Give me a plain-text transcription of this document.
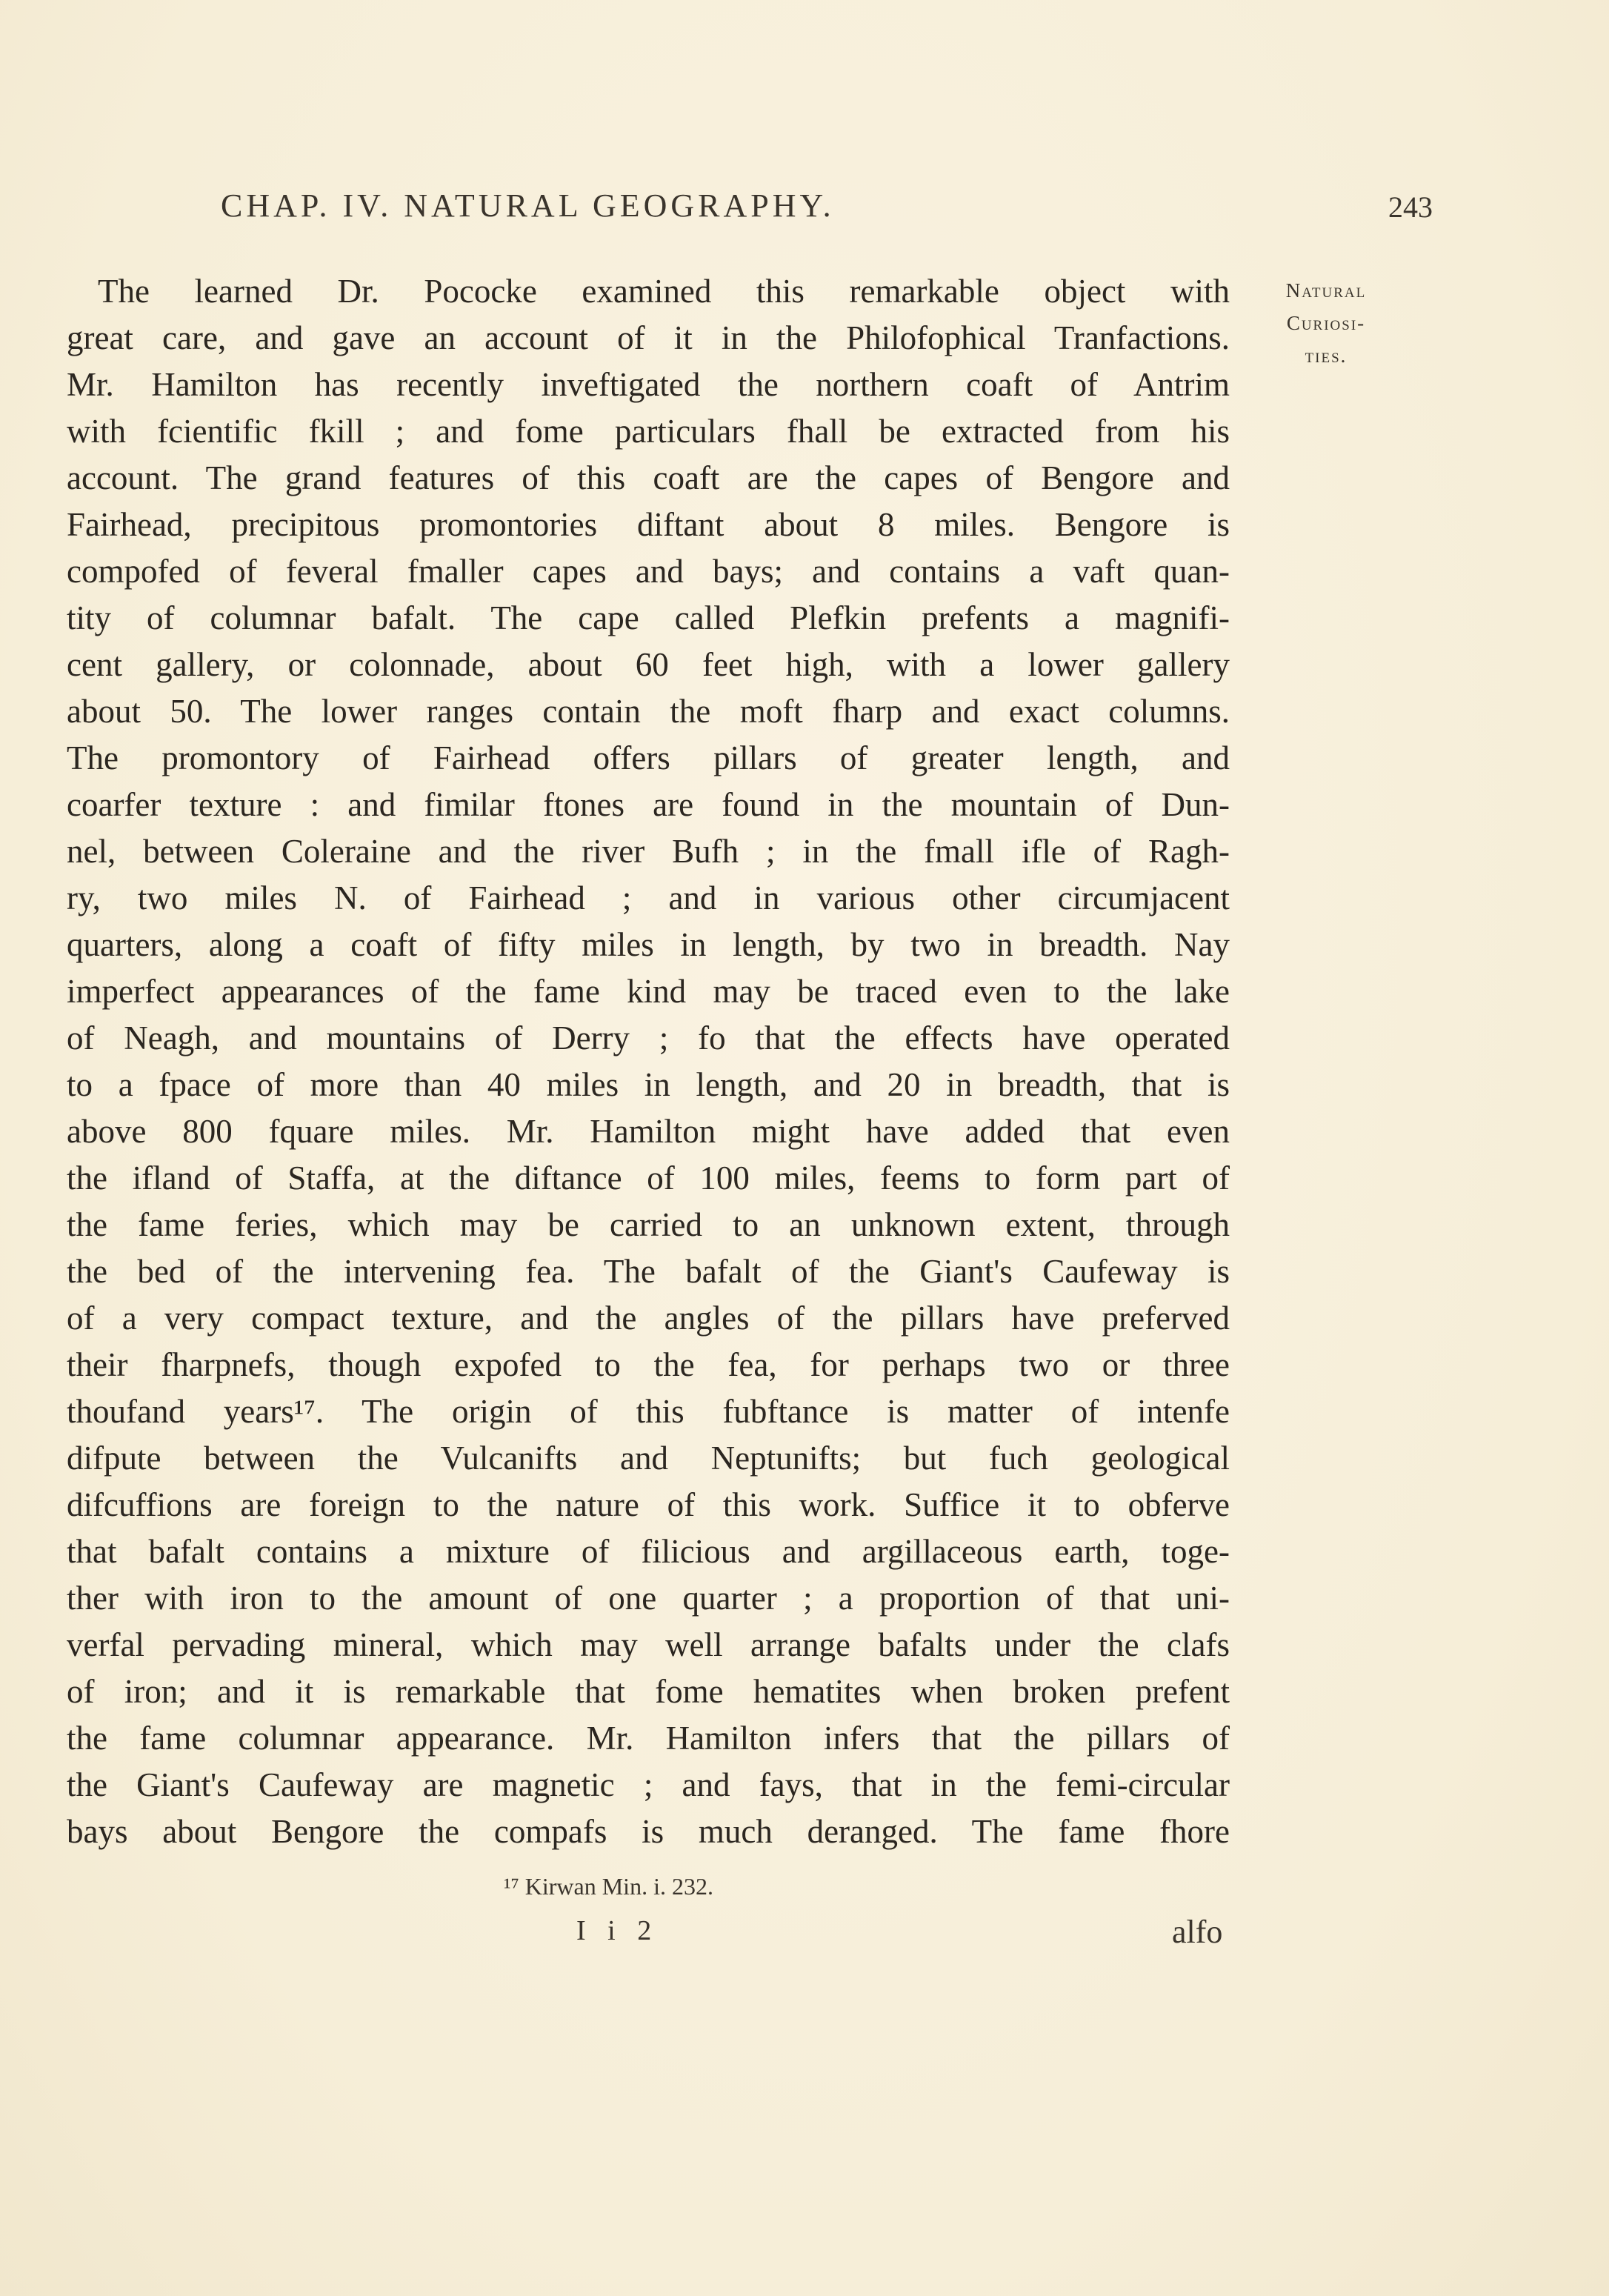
CHAP. IV. NATURAL GEOGRAPHY.	243
Natural
Curiosi-
ties.
The learned Dr. Pococke examined this remarkable object with
great care, and gave an account of it in the Philofophical Tranfactions.
Mr. Hamilton has recently inveftigated the northern coaft of Antrim
with fcientific fkill ; and fome particulars fhall be extracted from his
account. The grand features of this coaft are the capes of Bengore and
Fairhead, precipitous promontories diftant about 8 miles. Bengore is
compofed of feveral fmaller capes and bays; and contains a vaft quan-
tity of columnar bafalt. The cape called Plefkin prefents a magnifi-
cent gallery, or colonnade, about 60 feet high, with a lower gallery
about 50. The lower ranges contain the moft fharp and exact columns.
The promontory of Fairhead offers pillars of greater length, and
coarfer texture : and fimilar ftones are found in the mountain of Dun-
nel, between Coleraine and the river Bufh ; in the fmall ifle of Ragh-
ry, two miles N. of Fairhead ; and in various other circumjacent
quarters, along a coaft of fifty miles in length, by two in breadth. Nay
imperfect appearances of the fame kind may be traced even to the lake
of Neagh, and mountains of Derry ; fo that the effects have operated
to a fpace of more than 40 miles in length, and 20 in breadth, that is
above 800 fquare miles. Mr. Hamilton might have added that even
the ifland of Staffa, at the diftance of 100 miles, feems to form part of
the fame feries, which may be carried to an unknown extent, through
the bed of the intervening fea. The bafalt of the Giant's Caufeway is
of a very compact texture, and the angles of the pillars have preferved
their fharpnefs, though expofed to the fea, for perhaps two or three
thoufand years¹⁷. The origin of this fubftance is matter of intenfe
difpute between the Vulcanifts and Neptunifts; but fuch geological
difcuffions are foreign to the nature of this work. Suffice it to obferve
that bafalt contains a mixture of filicious and argillaceous earth, toge-
ther with iron to the amount of one quarter ; a proportion of that uni-
verfal pervading mineral, which may well arrange bafalts under the clafs
of iron; and it is remarkable that fome hematites when broken prefent
the fame columnar appearance. Mr. Hamilton infers that the pillars of
the Giant's Caufeway are magnetic ; and fays, that in the femi-circular
bays about Bengore the compafs is much deranged. The fame fhore
¹⁷ Kirwan Min. i. 232.
I i 2	alfo
